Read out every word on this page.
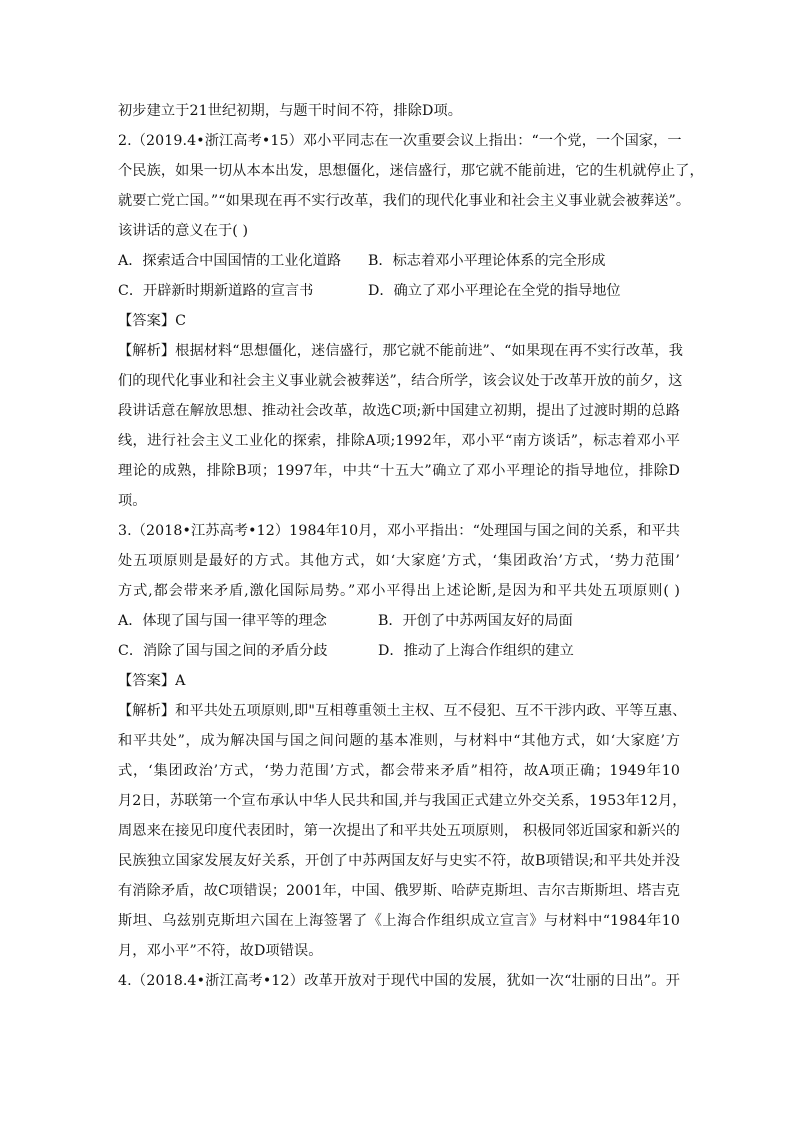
初步建立于21世纪初期，与题干时间不符，排除D项。
2.（2019.4•浙江高考•15）邓小平同志在一次重要会议上指出：“一个党，一个国家，一
个民族，如果一切从本本出发，思想僵化，迷信盛行，那它就不能前进，它的生机就停止了，
就要亡党亡国。”“如果现在再不实行改革，我们的现代化事业和社会主义事业就会被葬送”。
该讲话的意义在于( )
A．探索适合中国国情的工业化道路	B．标志着邓小平理论体系的完全形成
C．开辟新时期新道路的宣言书	D．确立了邓小平理论在全党的指导地位
【答案】C
【解析】根据材料“思想僵化，迷信盛行，那它就不能前进”、“如果现在再不实行改革，我
们的现代化事业和社会主义事业就会被葬送”，结合所学，该会议处于改革开放的前夕，这
段讲话意在解放思想、推动社会改革，故选C项;新中国建立初期，提出了过渡时期的总路
线，进行社会主义工业化的探索，排除A项;1992年，邓小平“南方谈话”，标志着邓小平
理论的成熟，排除B项；1997年，中共“十五大”确立了邓小平理论的指导地位，排除D
项。
3.（2018•江苏高考•12）1984年10月，邓小平指出：“处理国与国之间的关系，和平共
处五项原则是最好的方式。其他方式，如‘大家庭’方式，‘集团政治’方式，‘势力范围’
方式,都会带来矛盾,激化国际局势。”邓小平得出上述论断,是因为和平共处五项原则( )
A．体现了国与国一律平等的理念	B．开创了中苏两国友好的局面
C．消除了国与国之间的矛盾分歧	D．推动了上海合作组织的建立
【答案】A
【解析】和平共处五项原则,即"互相尊重领土主权、互不侵犯、互不干涉内政、平等互惠、
和平共处”，成为解决国与国之间问题的基本准则，与材料中“其他方式，如‘大家庭’方
式，‘集团政治’方式，‘势力范围’方式，都会带来矛盾”相符，故A项正确；1949年10
月2日，苏联第一个宣布承认中华人民共和国,并与我国正式建立外交关系，1953年12月，
周恩来在接见印度代表团时，第一次提出了和平共处五项原则， 积极同邻近国家和新兴的
民族独立国家发展友好关系，开创了中苏两国友好与史实不符，故B项错误;和平共处并没
有消除矛盾，故C项错误；2001年，中国、俄罗斯、哈萨克斯坦、吉尔吉斯斯坦、塔吉克
斯坦、乌兹别克斯坦六国在上海签署了《上海合作组织成立宣言》与材料中“1984年10
月，邓小平”不符，故D项错误。
4.（2018.4•浙江高考•12）改革开放对于现代中国的发展，犹如一次“壮丽的日出”。开
